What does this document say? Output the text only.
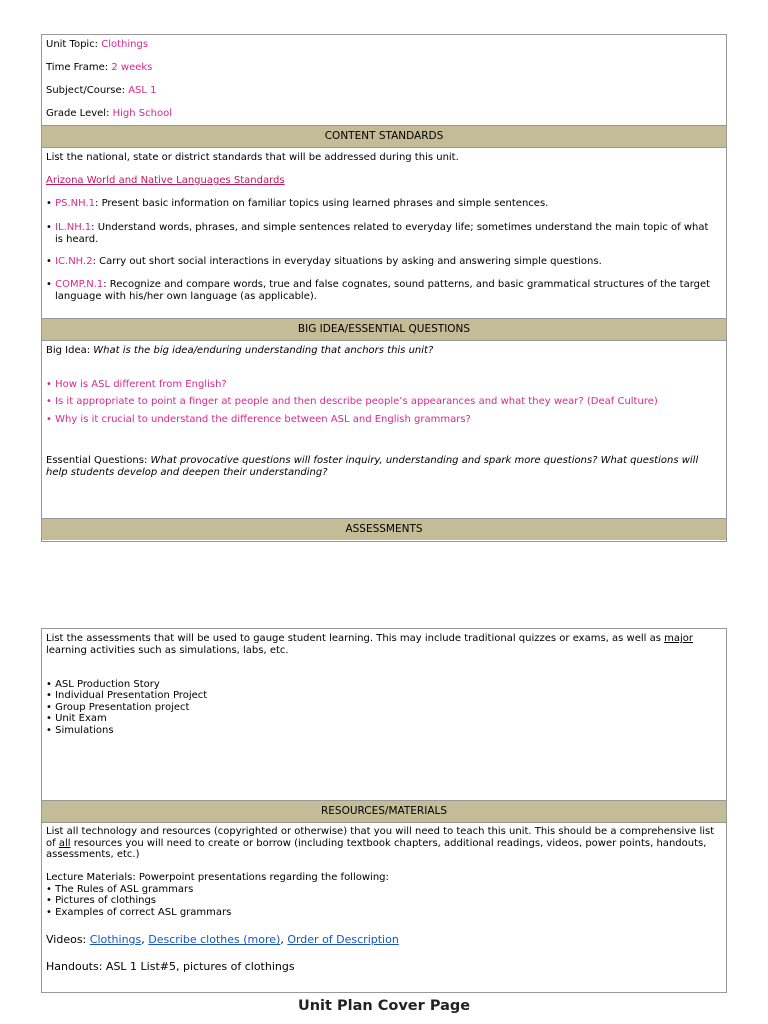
Unit Topic: Clothings
Time Frame: 2 weeks
Subject/Course: ASL 1
Grade Level: High School
CONTENT STANDARDS
List the national, state or district standards that will be addressed during this unit.
Arizona World and Native Languages Standards
• PS.NH.1: Present basic information on familiar topics using learned phrases and simple sentences.
• IL.NH.1: Understand words, phrases, and simple sentences related to everyday life; sometimes understand the main topic of what is heard.
• IC.NH.2: Carry out short social interactions in everyday situations by asking and answering simple questions.
• COMP.N.1: Recognize and compare words, true and false cognates, sound patterns, and basic grammatical structures of the target language with his/her own language (as applicable).
BIG IDEA/ESSENTIAL QUESTIONS
Big Idea: What is the big idea/enduring understanding that anchors this unit?
• How is ASL different from English?
• Is it appropriate to point a finger at people and then describe people’s appearances and what they wear? (Deaf Culture)
• Why is it crucial to understand the difference between ASL and English grammars?
Essential Questions: What provocative questions will foster inquiry, understanding and spark more questions? What questions will help students develop and deepen their understanding?
ASSESSMENTS
List the assessments that will be used to gauge student learning. This may include traditional quizzes or exams, as well as major learning activities such as simulations, labs, etc.
• ASL Production Story
• Individual Presentation Project
• Group Presentation project
• Unit Exam
• Simulations
RESOURCES/MATERIALS
List all technology and resources (copyrighted or otherwise) that you will need to teach this unit. This should be a comprehensive list of all resources you will need to create or borrow (including textbook chapters, additional readings, videos, power points, handouts, assessments, etc.)
Lecture Materials: Powerpoint presentations regarding the following:
• The Rules of ASL grammars
• Pictures of clothings
• Examples of correct ASL grammars
Videos: Clothings, Describe clothes (more), Order of Description
Handouts: ASL 1 List#5, pictures of clothings
Unit Plan Cover Page
